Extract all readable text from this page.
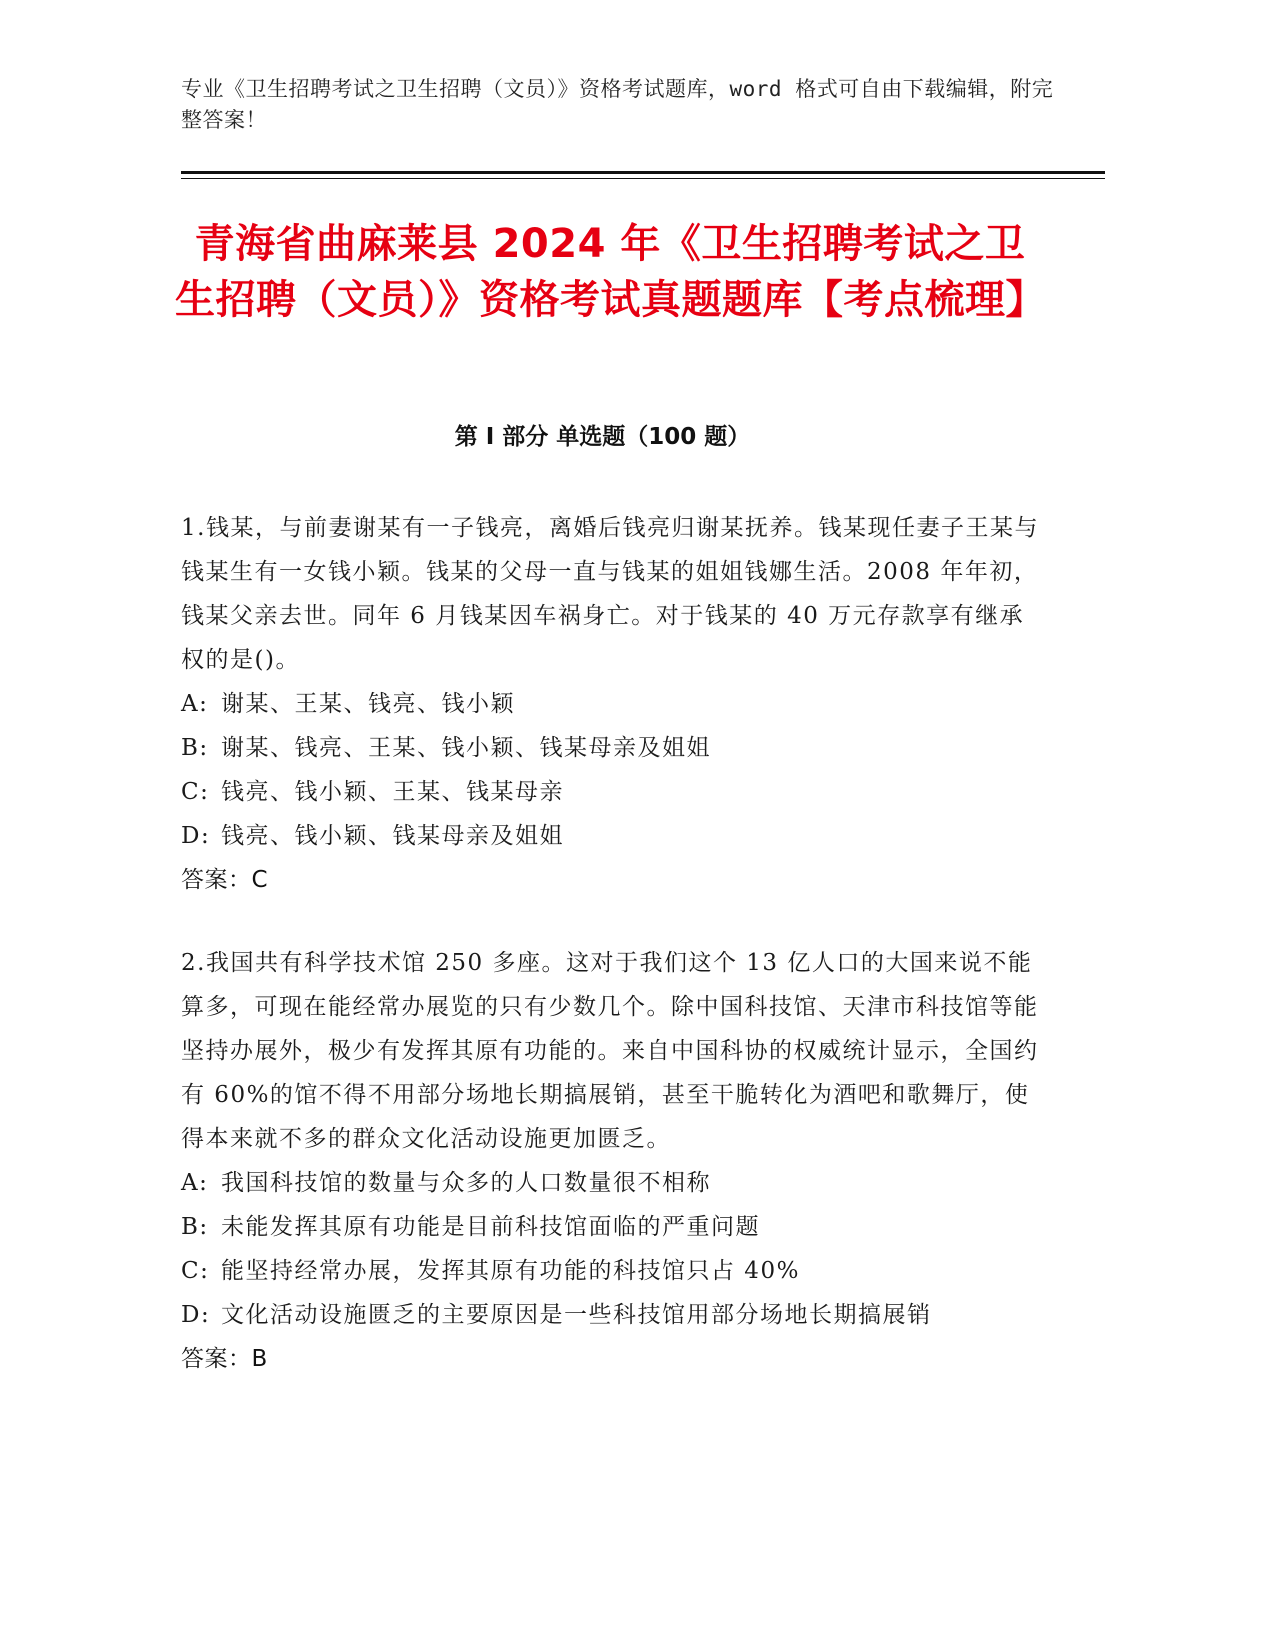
专业《卫生招聘考试之卫生招聘（文员）》资格考试题库，word 格式可自由下载编辑，附完整答案！
青海省曲麻莱县 2024 年《卫生招聘考试之卫生招聘（文员）》资格考试真题题库【考点梳理】
第 I 部分 单选题（100 题）

1.钱某，与前妻谢某有一子钱亮，离婚后钱亮归谢某抚养。钱某现任妻子王某与钱某生有一女钱小颖。钱某的父母一直与钱某的姐姐钱娜生活。2008 年年初，钱某父亲去世。同年 6 月钱某因车祸身亡。对于钱某的 40 万元存款享有继承权的是()。

A: 谢某、王某、钱亮、钱小颖
B: 谢某、钱亮、王某、钱小颖、钱某母亲及姐姐
C: 钱亮、钱小颖、王某、钱某母亲
D: 钱亮、钱小颖、钱某母亲及姐姐
答案：C

2.我国共有科学技术馆 250 多座。这对于我们这个 13 亿人口的大国来说不能算多，可现在能经常办展览的只有少数几个。除中国科技馆、天津市科技馆等能坚持办展外，极少有发挥其原有功能的。来自中国科协的权威统计显示，全国约有 60%的馆不得不用部分场地长期搞展销，甚至干脆转化为酒吧和歌舞厅，使得本来就不多的群众文化活动设施更加匮乏。

A: 我国科技馆的数量与众多的人口数量很不相称
B: 未能发挥其原有功能是目前科技馆面临的严重问题
C: 能坚持经常办展，发挥其原有功能的科技馆只占 40%
D: 文化活动设施匮乏的主要原因是一些科技馆用部分场地长期搞展销
答案：B
